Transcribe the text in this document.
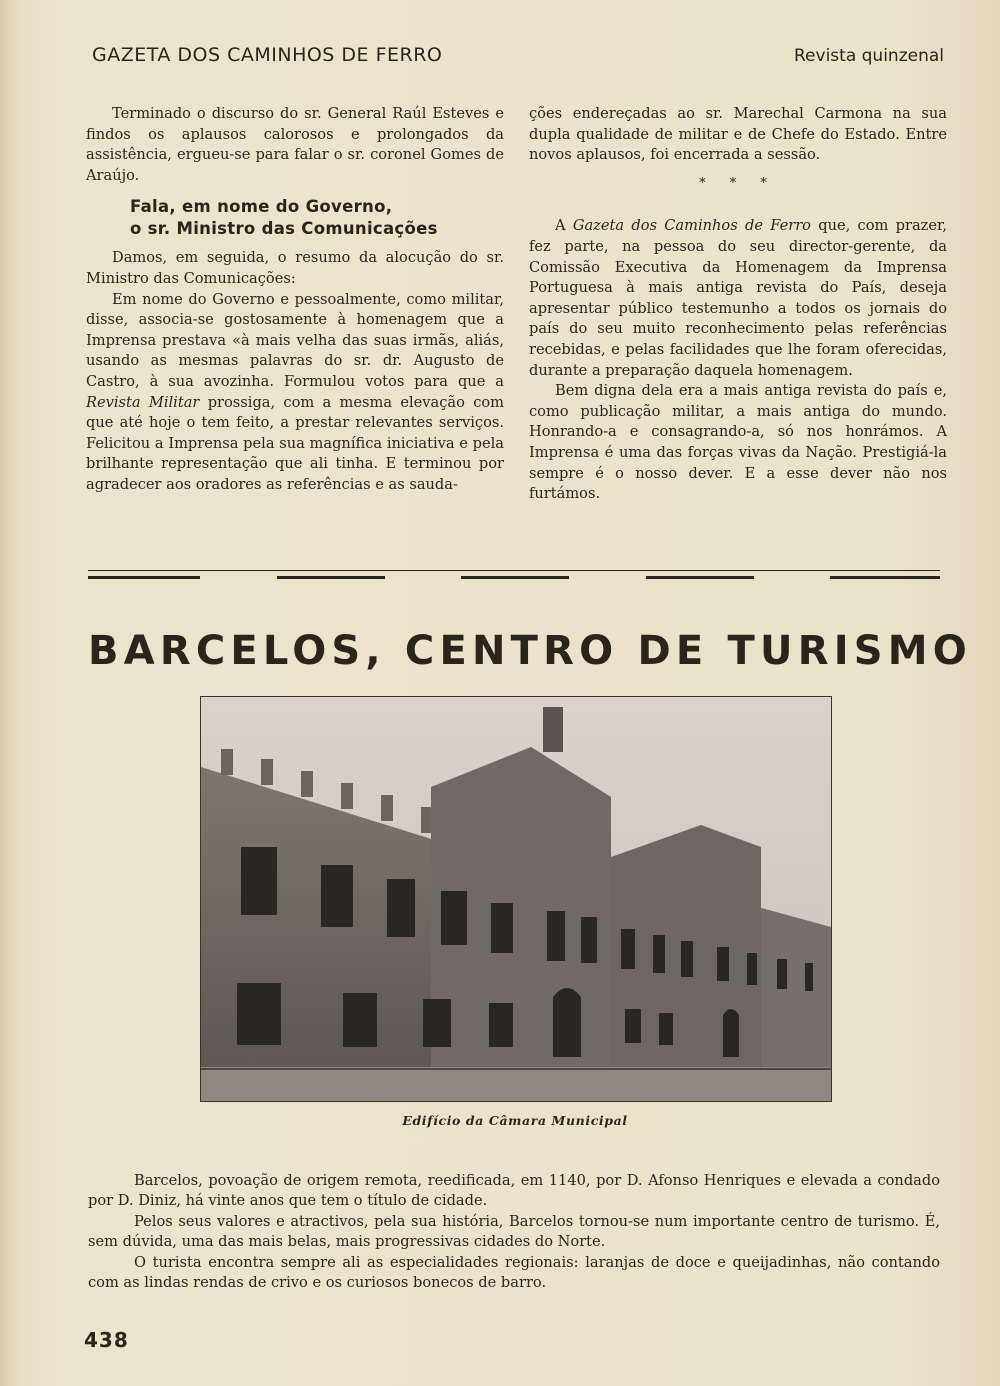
GAZETA DOS CAMINHOS DE FERRO	Revista quinzenal

Terminado o discurso do sr. General Raúl Esteves e findos os aplausos calorosos e prolongados da assistência, ergueu-se para falar o sr. coronel Gomes de Araújo.

Fala, em nome do Governo,
o sr. Ministro das Comunicações

Damos, em seguida, o resumo da alocução do sr. Ministro das Comunicações:

Em nome do Governo e pessoalmente, como militar, disse, associa-se gostosamente à homenagem que a Imprensa prestava «à mais velha das suas irmãs, aliás, usando as mesmas palavras do sr. dr. Augusto de Castro, à sua avozinha. Formulou votos para que a Revista Militar prossiga, com a mesma elevação com que até hoje o tem feito, a prestar relevantes serviços. Felicitou a Imprensa pela sua magnífica iniciativa e pela brilhante representação que ali tinha. E terminou por agradecer aos oradores as referências e as sauda-

ções endereçadas ao sr. Marechal Carmona na sua dupla qualidade de militar e de Chefe do Estado. Entre novos aplausos, foi encerrada a sessão.

* * *

A Gazeta dos Caminhos de Ferro que, com prazer, fez parte, na pessoa do seu director-gerente, da Comissão Executiva da Homenagem da Imprensa Portuguesa à mais antiga revista do País, deseja apresentar público testemunho a todos os jornais do país do seu muito reconhecimento pelas referências recebidas, e pelas facilidades que lhe foram oferecidas, durante a preparação daquela homenagem.

Bem digna dela era a mais antiga revista do país e, como publicação militar, a mais antiga do mundo. Honrando-a e consagrando-a, só nos honrámos. A Imprensa é uma das forças vivas da Nação. Prestigiá-la sempre é o nosso dever. E a esse dever não nos furtámos.

BARCELOS, CENTRO DE TURISMO
Edifício da Câmara Municipal

Barcelos, povoação de origem remota, reedificada, em 1140, por D. Afonso Henriques e elevada a condado por D. Diniz, há vinte anos que tem o título de cidade.

Pelos seus valores e atractivos, pela sua história, Barcelos tornou-se num importante centro de turismo. É, sem dúvida, uma das mais belas, mais progressivas cidades do Norte.

O turista encontra sempre ali as especialidades regionais: laranjas de doce e queijadinhas, não contando com as lindas rendas de crivo e os curiosos bonecos de barro.

438
